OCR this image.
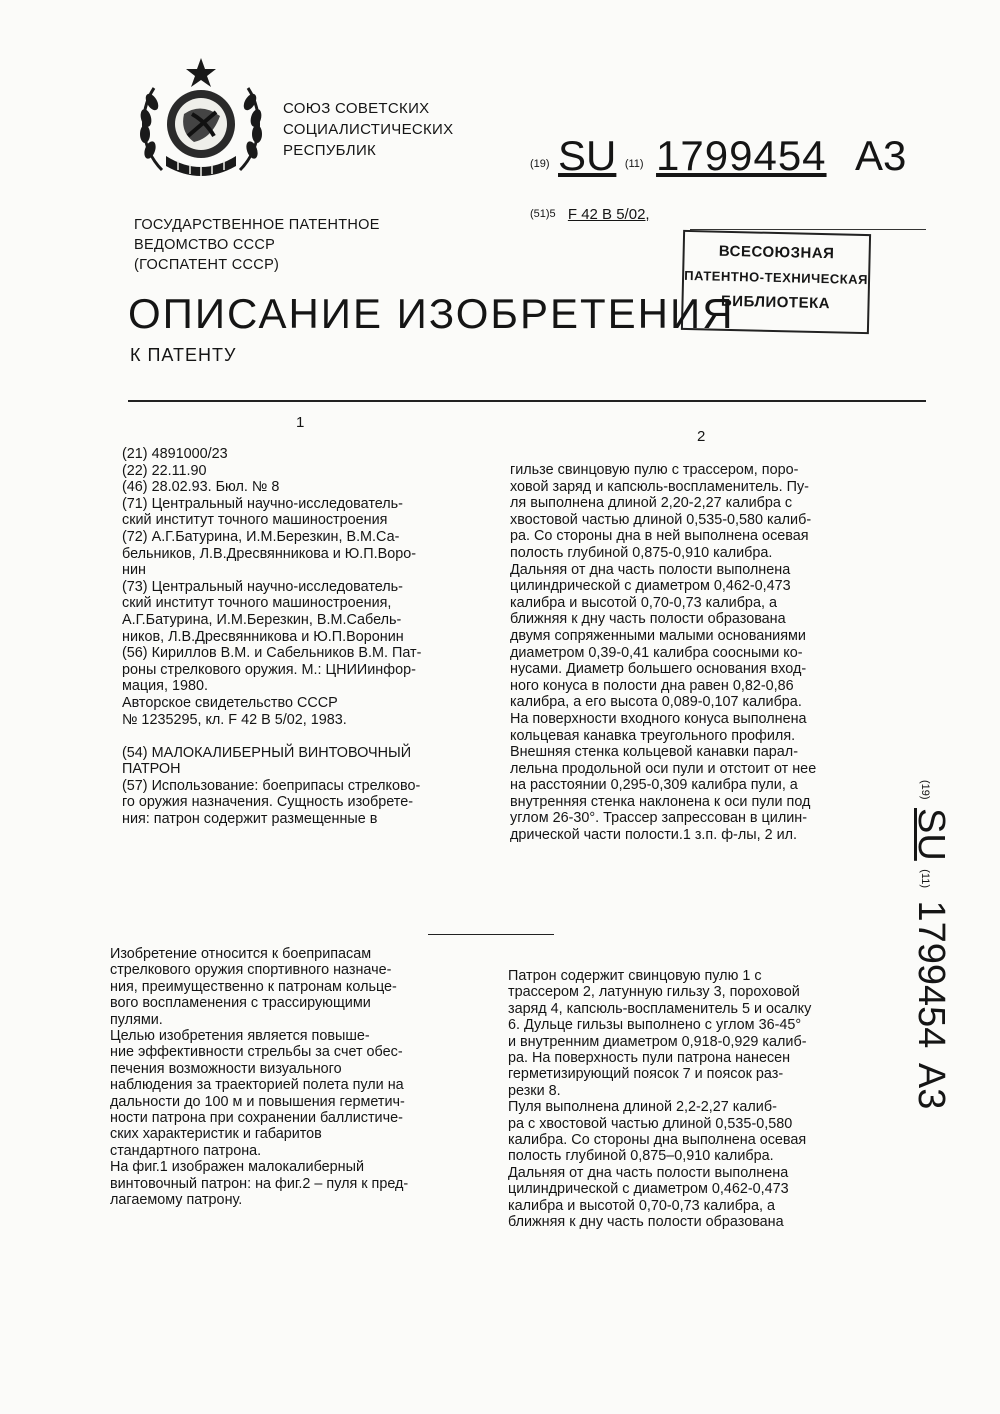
СОЮЗ СОВЕТСКИХ
СОЦИАЛИСТИЧЕСКИХ
РЕСПУБЛИК
(19) SU (11) 1799454 A3
(51)5 F 42 B 5/02,
ГОСУДАРСТВЕННОЕ ПАТЕНТНОЕ
ВЕДОМСТВО СССР
(ГОСПАТЕНТ СССР)
ВСЕСОЮЗНАЯ
ПАТЕНТНО-ТЕХНИЧЕСКАЯ
БИБЛИОТЕКА
ОПИСАНИЕ ИЗОБРЕТЕНИЯ
К ПАТЕНТУ
1
2
(21) 4891000/23
(22) 22.11.90
(46) 28.02.93. Бюл. № 8
(71) Центральный научно-исследователь-
ский институт точного машиностроения
(72) А.Г.Батурина, И.М.Березкин, В.М.Са-
бельников, Л.В.Дресвянникова и Ю.П.Воро-
нин
(73) Центральный научно-исследователь-
ский институт точного машиностроения,
А.Г.Батурина, И.М.Березкин, В.М.Сабель-
ников, Л.В.Дресвянникова и Ю.П.Воронин
(56) Кириллов В.М. и Сабельников В.М. Пат-
роны стрелкового оружия. М.: ЦНИИинфор-
мация, 1980.
Авторское свидетельство СССР
№ 1235295, кл. F 42 B 5/02, 1983.

(54) МАЛОКАЛИБЕРНЫЙ ВИНТОВОЧНЫЙ
ПАТРОН
(57) Использование: боеприпасы стрелково-
го оружия назначения. Сущность изобрете-
ния: патрон содержит размещенные в
гильзе свинцовую пулю с трассером, поро-
ховой заряд и капсюль-воспламенитель. Пу-
ля выполнена длиной 2,20-2,27 калибра с
хвостовой частью длиной 0,535-0,580 калиб-
ра. Со стороны дна в ней выполнена осевая
полость глубиной 0,875-0,910 калибра.
Дальняя от дна часть полости выполнена
цилиндрической с диаметром 0,462-0,473
калибра и высотой 0,70-0,73 калибра, а
ближняя к дну часть полости образована
двумя сопряженными малыми основаниями
диаметром 0,39-0,41 калибра соосными ко-
нусами. Диаметр большего основания вход-
ного конуса в полости дна равен 0,82-0,86
калибра, а его высота 0,089-0,107 калибра.
На поверхности входного конуса выполнена
кольцевая канавка треугольного профиля.
Внешняя стенка кольцевой канавки парал-
лельна продольной оси пули и отстоит от нее
на расстоянии 0,295-0,309 калибра пули, а
внутренняя стенка наклонена к оси пули под
углом 26-30°. Трассер запрессован в цилин-
дрической части полости.1 з.п. ф-лы, 2 ил.
Изобретение относится к боеприпасам
стрелкового оружия спортивного назначе-
ния, преимущественно к патронам кольце-
вого воспламенения с трассирующими
пулями.
Целью изобретения является повыше-
ние эффективности стрельбы за счет обес-
печения возможности визуального
наблюдения за траекторией полета пули на
дальности до 100 м и повышения герметич-
ности патрона при сохранении баллистиче-
ских характеристик и габаритов
стандартного патрона.
На фиг.1 изображен малокалиберный
винтовочный патрон: на фиг.2 – пуля к пред-
лагаемому патрону.
Патрон содержит свинцовую пулю 1 с
трассером 2, латунную гильзу 3, пороховой
заряд 4, капсюль-воспламенитель 5 и осалку
6. Дульце гильзы выполнено с углом 36-45°
и внутренним диаметром 0,918-0,929 калиб-
ра. На поверхность пули патрона нанесен
герметизирующий поясок 7 и поясок раз-
резки 8.
Пуля выполнена длиной 2,2-2,27 калиб-
ра с хвостовой частью длиной 0,535-0,580
калибра. Со стороны дна выполнена осевая
полость глубиной 0,875–0,910 калибра.
Дальняя от дна часть полости выполнена
цилиндрической с диаметром 0,462-0,473
калибра и высотой 0,70-0,73 калибра, а
ближняя к дну часть полости образована
(19) SU (11) 1799454 A3
